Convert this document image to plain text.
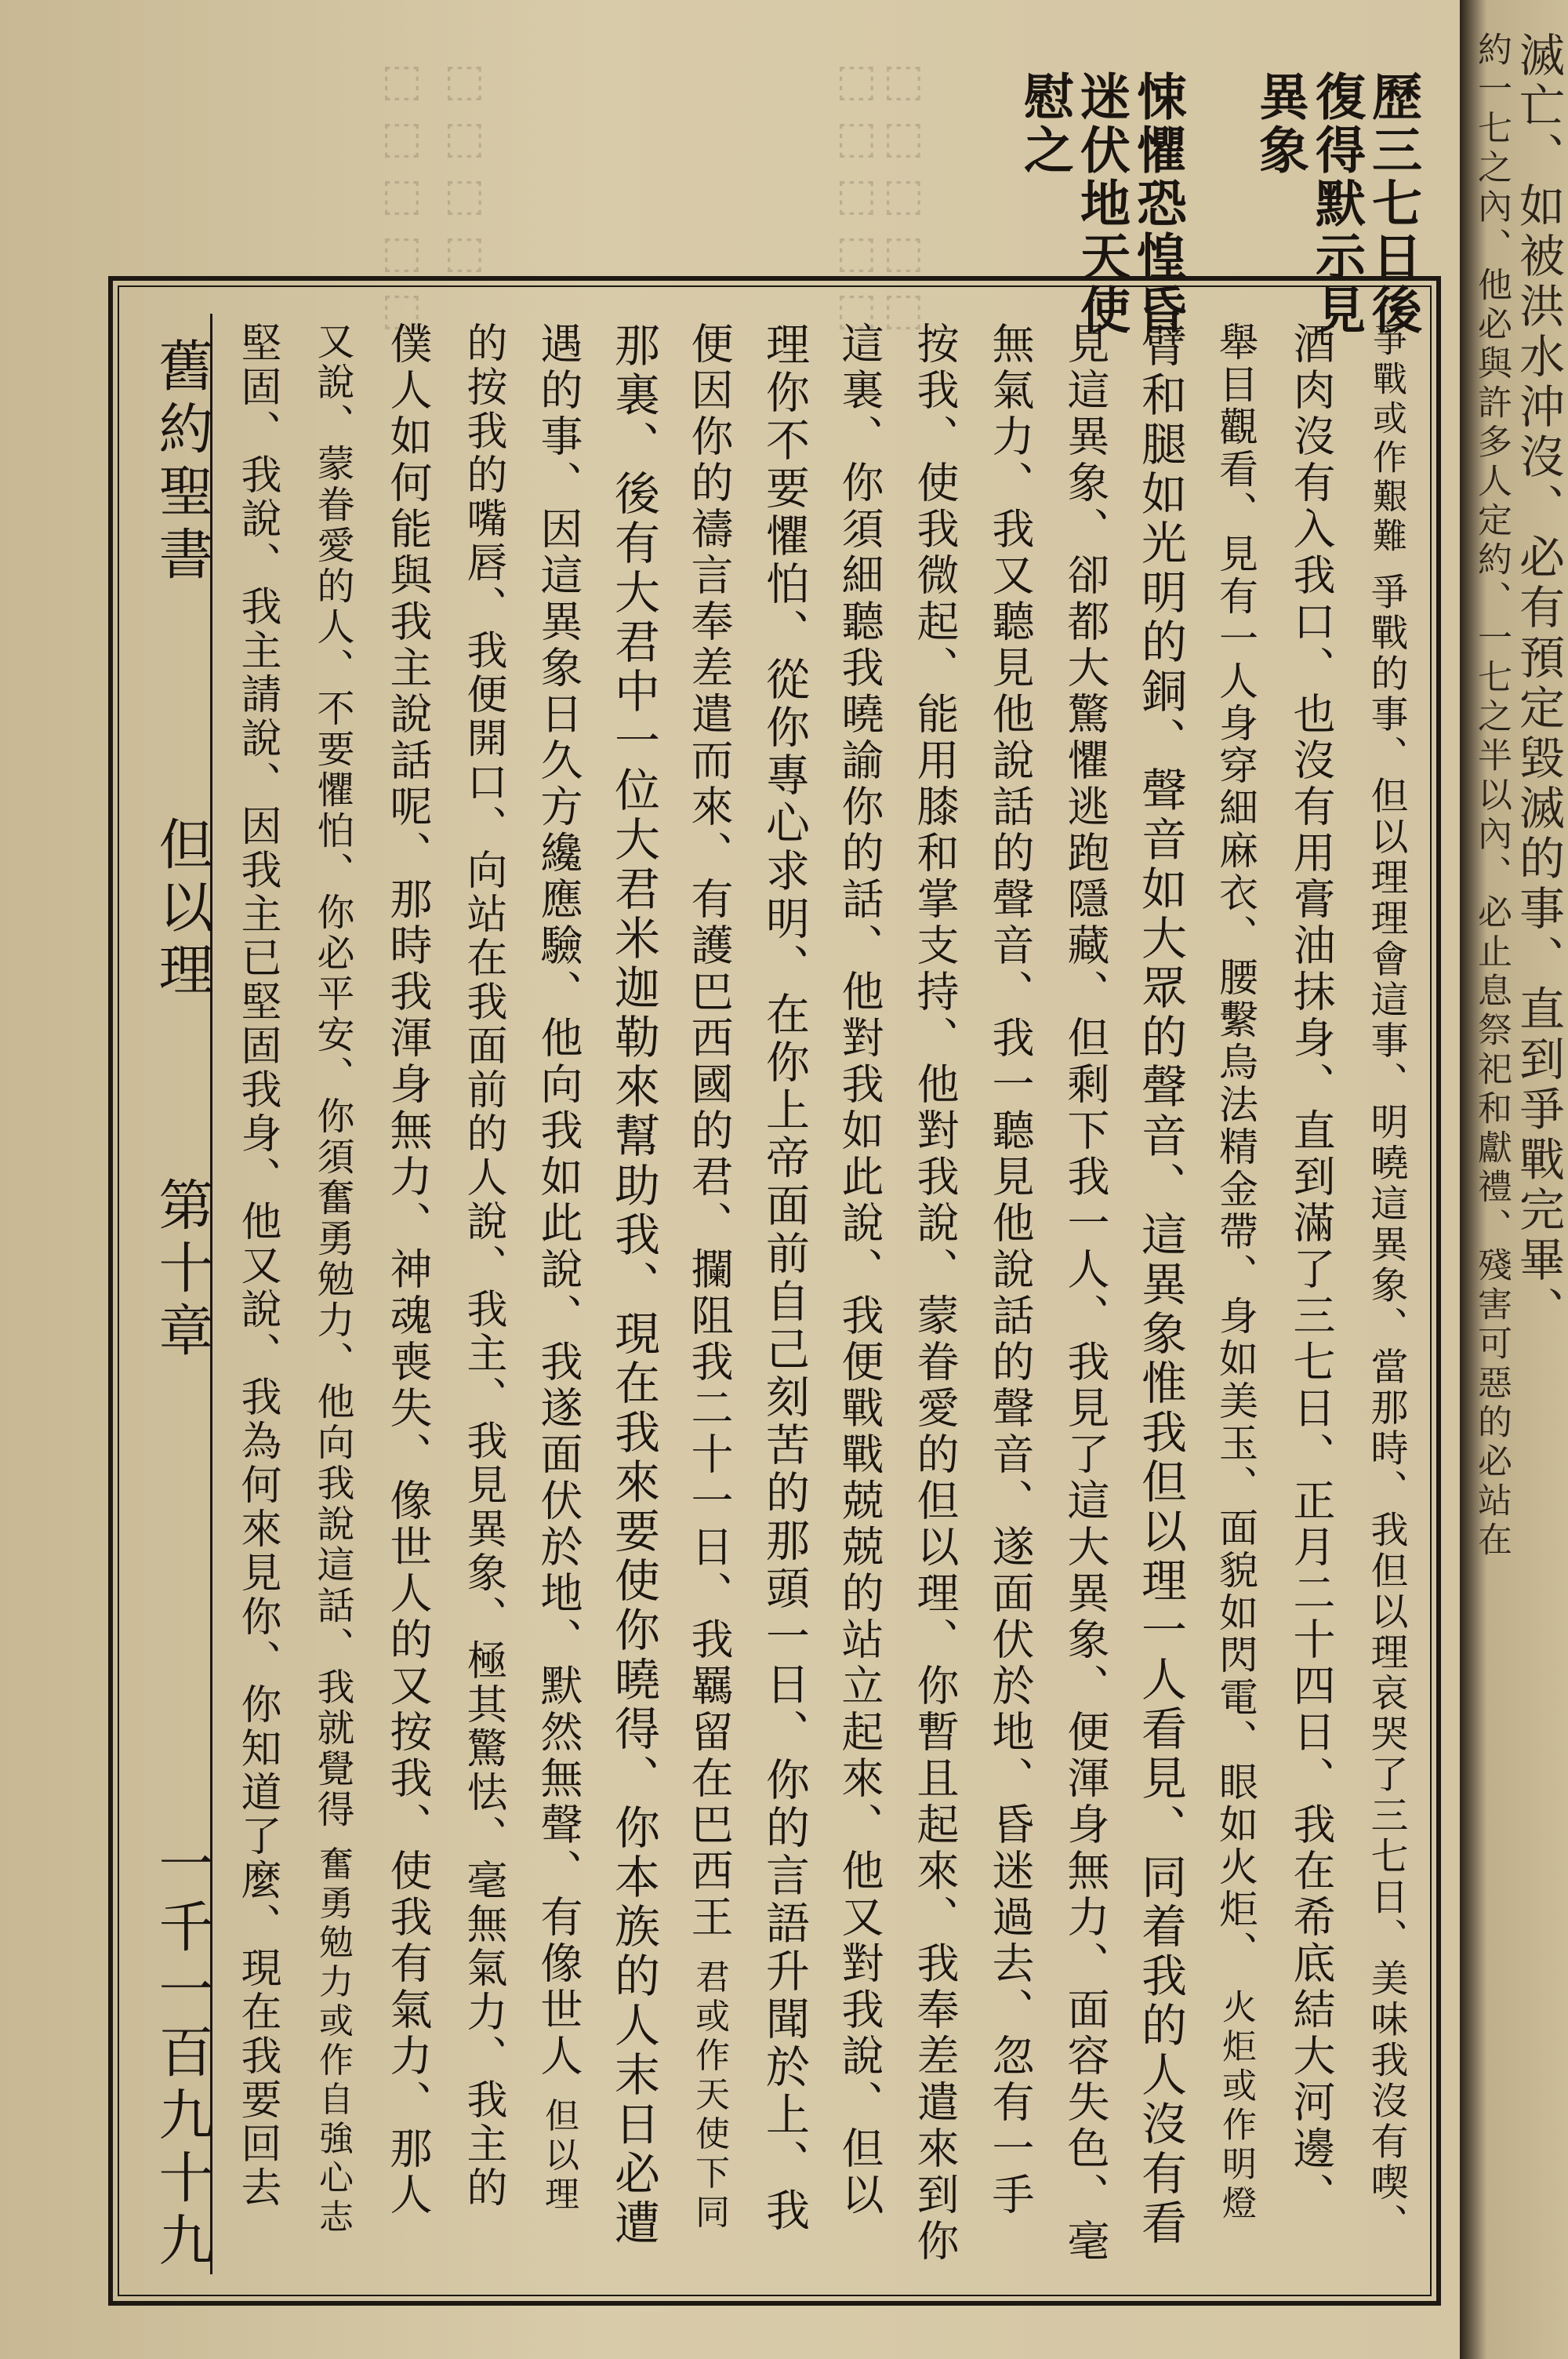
滅亡、如被洪水沖沒、必有預定毀滅的事、直到爭戰完畢、
約一七之內、他必與許多人定約、一七之半以內、必止息祭祀和獻禮、殘害可惡的必站在
⬚⬚⬚⬚⬚ ⬚⬚⬚⬚	⬚⬚⬚⬚⬚
⬚⬚⬚⬚⬚	歷三七日後
復得默示見
異象
悚懼恐惶昏
迷伏地天使
慰之
舊約聖書
但以理
第十章
一千一百九十九
爭戰或作艱難 爭戰的事、但以理理會這事、明曉這異象、當那時、我但以理哀哭了三七日、美味我沒有喫、
酒肉沒有入我口、也沒有用膏油抹身、直到滿了三七日、正月二十四日、我在希底結大河邊、
舉目觀看、見有一人身穿細麻衣、腰繫烏法精金帶、身如美玉、面貌如閃電、眼如火炬、 火炬或作明燈
臂和腿如光明的銅、聲音如大眾的聲音、這異象惟我但以理一人看見、同着我的人沒有看
見這異象、卻都大驚懼逃跑隱藏、但剩下我一人、我見了這大異象、便渾身無力、面容失色、毫
無氣力、我又聽見他說話的聲音、我一聽見他說話的聲音、遂面伏於地、昏迷過去、忽有一手
按我、使我微起、能用膝和掌支持、他對我說、蒙眷愛的但以理、你暫且起來、我奉差遣來到你
這裏、你須細聽我曉諭你的話、他對我如此說、我便戰戰兢兢的站立起來、他又對我說、但以
理你不要懼怕、從你專心求明、在你上帝面前自己刻苦的那頭一日、你的言語升聞於上、我
便因你的禱言奉差遣而來、有護巴西國的君、攔阻我二十一日、我羈留在巴西王 君或作天使下同
那裏、後有大君中一位大君米迦勒來幫助我、現在我來要使你曉得、你本族的人末日必遭
遇的事、因這異象日久方纔應驗、他向我如此說、我遂面伏於地、默然無聲、有像世人 但以理
的按我的嘴唇、我便開口、向站在我面前的人說、我主、我見異象、極其驚怯、毫無氣力、我主的
僕人如何能與我主說話呢、那時我渾身無力、神魂喪失、像世人的又按我、使我有氣力、那人
又說、蒙眷愛的人、不要懼怕、你必平安、你須奮勇勉力、他向我說這話、我就覺得 奮勇勉力或作自強心志
堅固、我說、我主請說、因我主已堅固我身、他又說、我為何來見你、你知道了麼、現在我要回去
